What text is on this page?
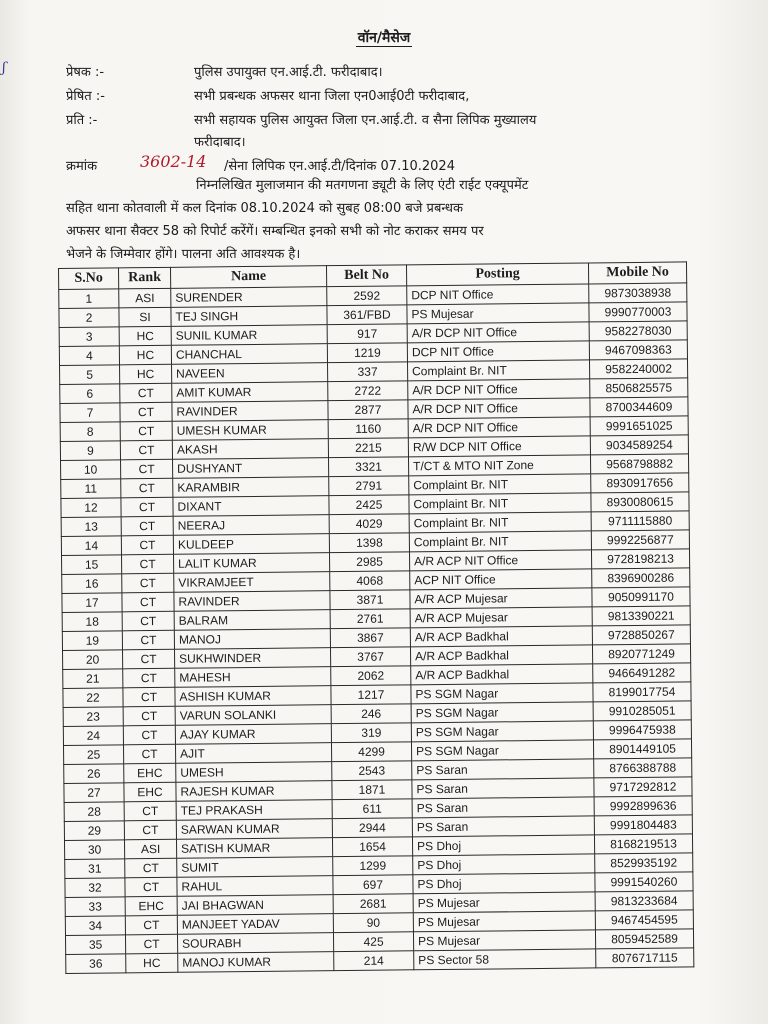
ʃ
वॉन/मैसेज
प्रेषक :-	पुलिस उपायुक्त एन.आई.टी. फरीदाबाद।
प्रेषित :-	सभी प्रबन्धक अफसर थाना जिला एन0आई0टी फरीदाबाद,
प्रति :-	सभी सहायक पुलिस आयुक्त जिला एन.आई.टी. व सैना लिपिक मुख्यालय
फरीदाबाद।
क्रमांक	3602-14 /सेना लिपिक एन.आई.टी/दिनांक 07.10.2024
निम्नलिखित मुलाजमान की मतगणना ड्यूटी के लिए एंटी राईट एक्यूपमेंट
सहित थाना कोतवाली में कल दिनांक 08.10.2024 को सुबह 08:00 बजे प्रबन्धक
अफसर थाना सैक्टर 58 को रिपोर्ट करेंगें। सम्बन्धित इनको सभी को नोट कराकर समय पर
भेजने के जिम्मेवार होंगे। पालना अति आवश्यक है।
S.No	Rank	Name	Belt No	Posting	Mobile No
1	ASI	SURENDER	2592	DCP NIT Office	9873038938
2	SI	TEJ SINGH	361/FBD	PS Mujesar	9990770003
3	HC	SUNIL KUMAR	917	A/R DCP NIT Office	9582278030
4	HC	CHANCHAL	1219	DCP NIT Office	9467098363
5	HC	NAVEEN	337	Complaint Br. NIT	9582240002
6	CT	AMIT KUMAR	2722	A/R DCP NIT Office	8506825575
7	CT	RAVINDER	2877	A/R DCP NIT Office	8700344609
8	CT	UMESH KUMAR	1160	A/R DCP NIT Office	9991651025
9	CT	AKASH	2215	R/W DCP NIT Office	9034589254
10	CT	DUSHYANT	3321	T/CT & MTO NIT Zone	9568798882
11	CT	KARAMBIR	2791	Complaint Br. NIT	8930917656
12	CT	DIXANT	2425	Complaint Br. NIT	8930080615
13	CT	NEERAJ	4029	Complaint Br. NIT	9711115880
14	CT	KULDEEP	1398	Complaint Br. NIT	9992256877
15	CT	LALIT KUMAR	2985	A/R ACP NIT Office	9728198213
16	CT	VIKRAMJEET	4068	ACP NIT Office	8396900286
17	CT	RAVINDER	3871	A/R ACP Mujesar	9050991170
18	CT	BALRAM	2761	A/R ACP Mujesar	9813390221
19	CT	MANOJ	3867	A/R ACP Badkhal	9728850267
20	CT	SUKHWINDER	3767	A/R ACP Badkhal	8920771249
21	CT	MAHESH	2062	A/R ACP Badkhal	9466491282
22	CT	ASHISH KUMAR	1217	PS SGM Nagar	8199017754
23	CT	VARUN SOLANKI	246	PS SGM Nagar	9910285051
24	CT	AJAY KUMAR	319	PS SGM Nagar	9996475938
25	CT	AJIT	4299	PS SGM Nagar	8901449105
26	EHC	UMESH	2543	PS Saran	8766388788
27	EHC	RAJESH KUMAR	1871	PS Saran	9717292812
28	CT	TEJ PRAKASH	611	PS Saran	9992899636
29	CT	SARWAN KUMAR	2944	PS Saran	9991804483
30	ASI	SATISH KUMAR	1654	PS Dhoj	8168219513
31	CT	SUMIT	1299	PS Dhoj	8529935192
32	CT	RAHUL	697	PS Dhoj	9991540260
33	EHC	JAI BHAGWAN	2681	PS Mujesar	9813233684
34	CT	MANJEET YADAV	90	PS Mujesar	9467454595
35	CT	SOURABH	425	PS Mujesar	8059452589
36	HC	MANOJ KUMAR	214	PS Sector 58	8076717115
